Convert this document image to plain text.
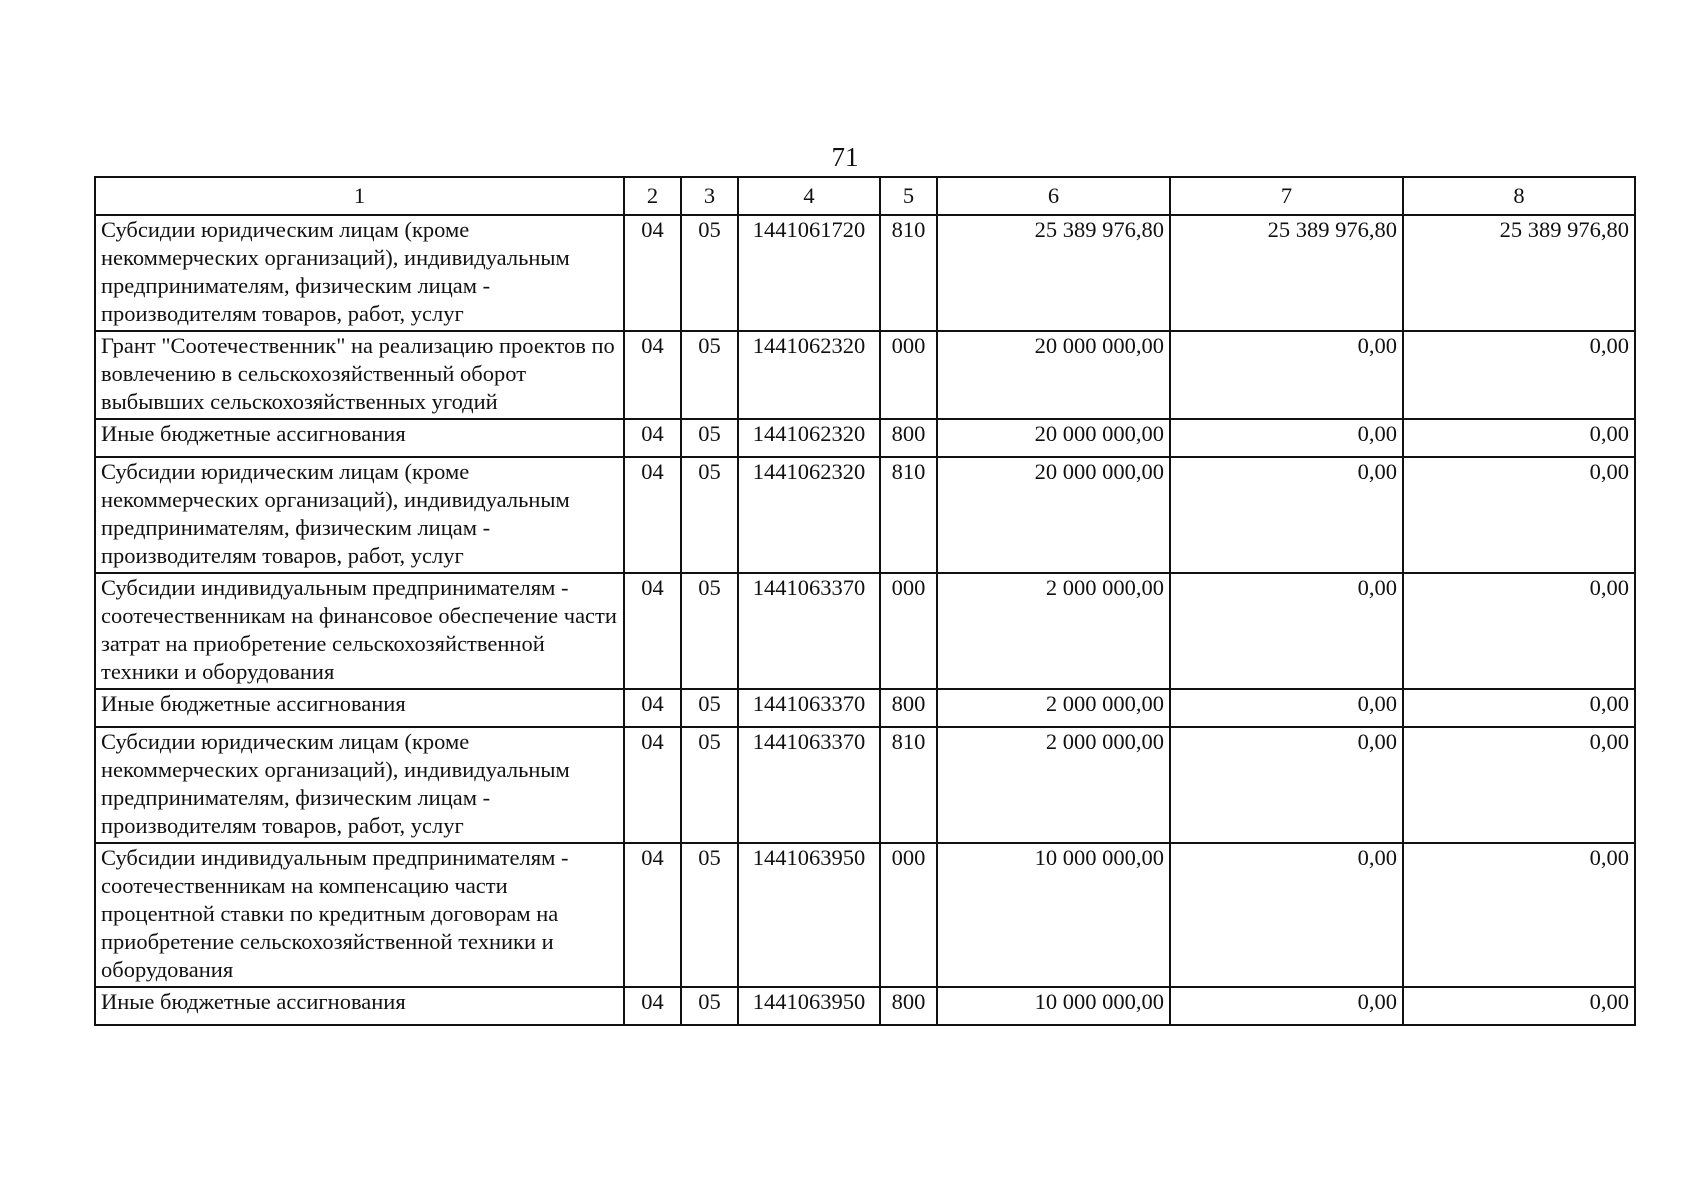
71
1	2	3	4	5	6	7	8
Субсидии юридическим лицам (кроме некоммерческих организаций), индивидуальным предпринимателям, физическим лицам - производителям товаров, работ, услуг	04	05	1441061720	810	25 389 976,80	25 389 976,80	25 389 976,80
Грант "Соотечественник" на реализацию проектов по вовлечению в сельскохозяйственный оборот выбывших сельскохозяйственных угодий	04	05	1441062320	000	20 000 000,00	0,00	0,00
Иные бюджетные ассигнования	04	05	1441062320	800	20 000 000,00	0,00	0,00
Субсидии юридическим лицам (кроме некоммерческих организаций), индивидуальным предпринимателям, физическим лицам - производителям товаров, работ, услуг	04	05	1441062320	810	20 000 000,00	0,00	0,00
Субсидии индивидуальным предпринимателям - соотечественникам на финансовое обеспечение части затрат на приобретение сельскохозяйственной техники и оборудования	04	05	1441063370	000	2 000 000,00	0,00	0,00
Иные бюджетные ассигнования	04	05	1441063370	800	2 000 000,00	0,00	0,00
Субсидии юридическим лицам (кроме некоммерческих организаций), индивидуальным предпринимателям, физическим лицам - производителям товаров, работ, услуг	04	05	1441063370	810	2 000 000,00	0,00	0,00
Субсидии индивидуальным предпринимателям - соотечественникам на компенсацию части процентной ставки по кредитным договорам на приобретение сельскохозяйственной техники и оборудования	04	05	1441063950	000	10 000 000,00	0,00	0,00
Иные бюджетные ассигнования	04	05	1441063950	800	10 000 000,00	0,00	0,00
